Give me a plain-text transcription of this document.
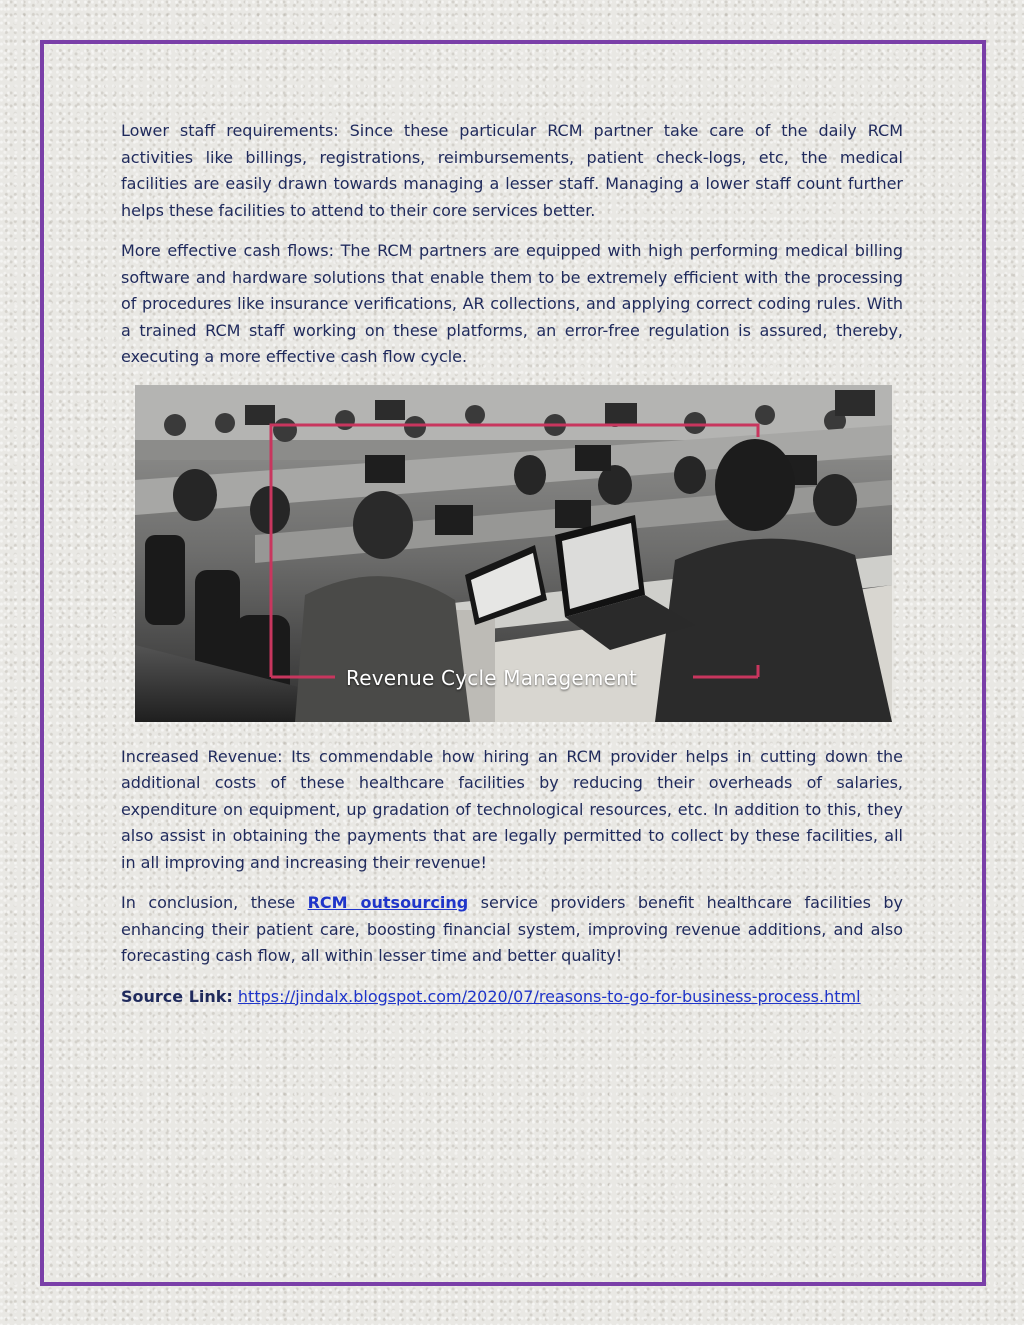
Lower staff requirements: Since these particular RCM partner take care of the daily RCM activities like billings, registrations, reimbursements, patient check-logs, etc, the medical facilities are easily drawn towards managing a lesser staff. Managing a lower staff count further helps these facilities to attend to their core services better.

More effective cash flows: The RCM partners are equipped with high performing medical billing software and hardware solutions that enable them to be extremely efficient with the processing of procedures like insurance verifications, AR collections, and applying correct coding rules. With a trained RCM staff working on these platforms, an error-free regulation is assured, thereby, executing a more effective cash flow cycle.

Revenue Cycle Management

Increased Revenue: Its commendable how hiring an RCM provider helps in cutting down the additional costs of these healthcare facilities by reducing their overheads of salaries, expenditure on equipment, up gradation of technological resources, etc. In addition to this, they also assist in obtaining the payments that are legally permitted to collect by these facilities, all in all improving and increasing their revenue!

In conclusion, these RCM outsourcing service providers benefit healthcare facilities by enhancing their patient care, boosting financial system, improving revenue additions, and also forecasting cash flow, all within lesser time and better quality!

Source Link: https://jindalx.blogspot.com/2020/07/reasons-to-go-for-business-process.html
